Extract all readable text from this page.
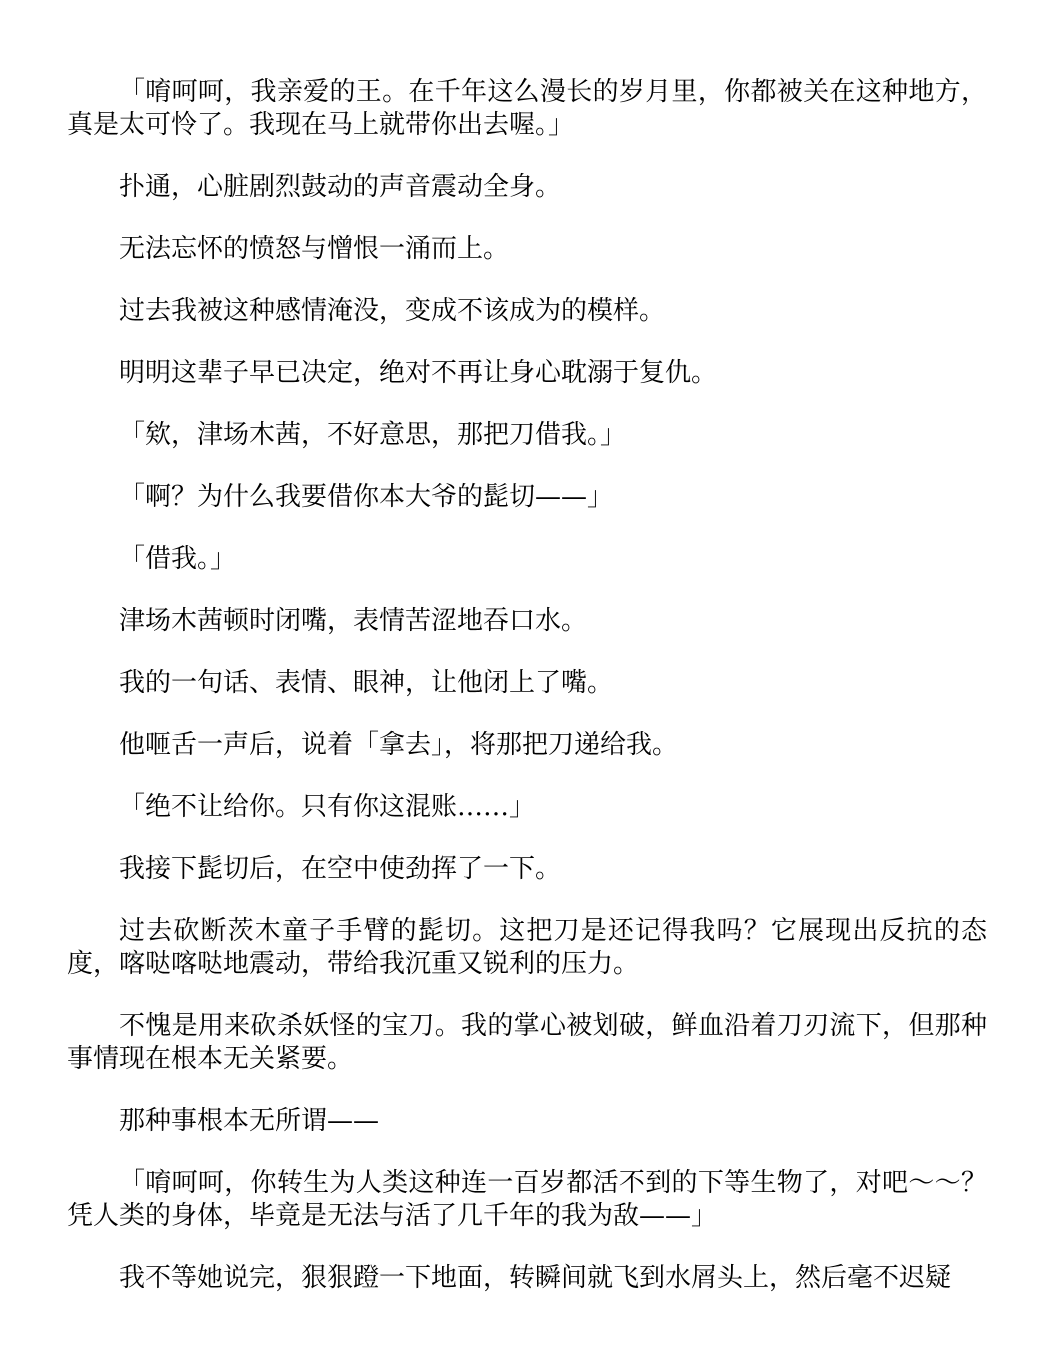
「唷呵呵，我亲爱的王。在千年这么漫长的岁月里，你都被关在这种地方，真是太可怜了。我现在马上就带你出去喔。」

扑通，心脏剧烈鼓动的声音震动全身。

无法忘怀的愤怒与憎恨一涌而上。

过去我被这种感情淹没，变成不该成为的模样。

明明这辈子早已决定，绝对不再让身心耽溺于复仇。

「欸，津场木茜，不好意思，那把刀借我。」

「啊？为什么我要借你本大爷的髭切——」

「借我。」

津场木茜顿时闭嘴，表情苦涩地吞口水。

我的一句话、表情、眼神，让他闭上了嘴。

他咂舌一声后，说着「拿去」，将那把刀递给我。

「绝不让给你。只有你这混账……」

我接下髭切后，在空中使劲挥了一下。

过去砍断茨木童子手臂的髭切。这把刀是还记得我吗？它展现出反抗的态度，喀哒喀哒地震动，带给我沉重又锐利的压力。

不愧是用来砍杀妖怪的宝刀。我的掌心被划破，鲜血沿着刀刃流下，但那种事情现在根本无关紧要。

那种事根本无所谓——

「唷呵呵，你转生为人类这种连一百岁都活不到的下等生物了，对吧～～？凭人类的身体，毕竟是无法与活了几千年的我为敌——」

我不等她说完，狠狠蹬一下地面，转瞬间就飞到水屑头上，然后毫不迟疑
